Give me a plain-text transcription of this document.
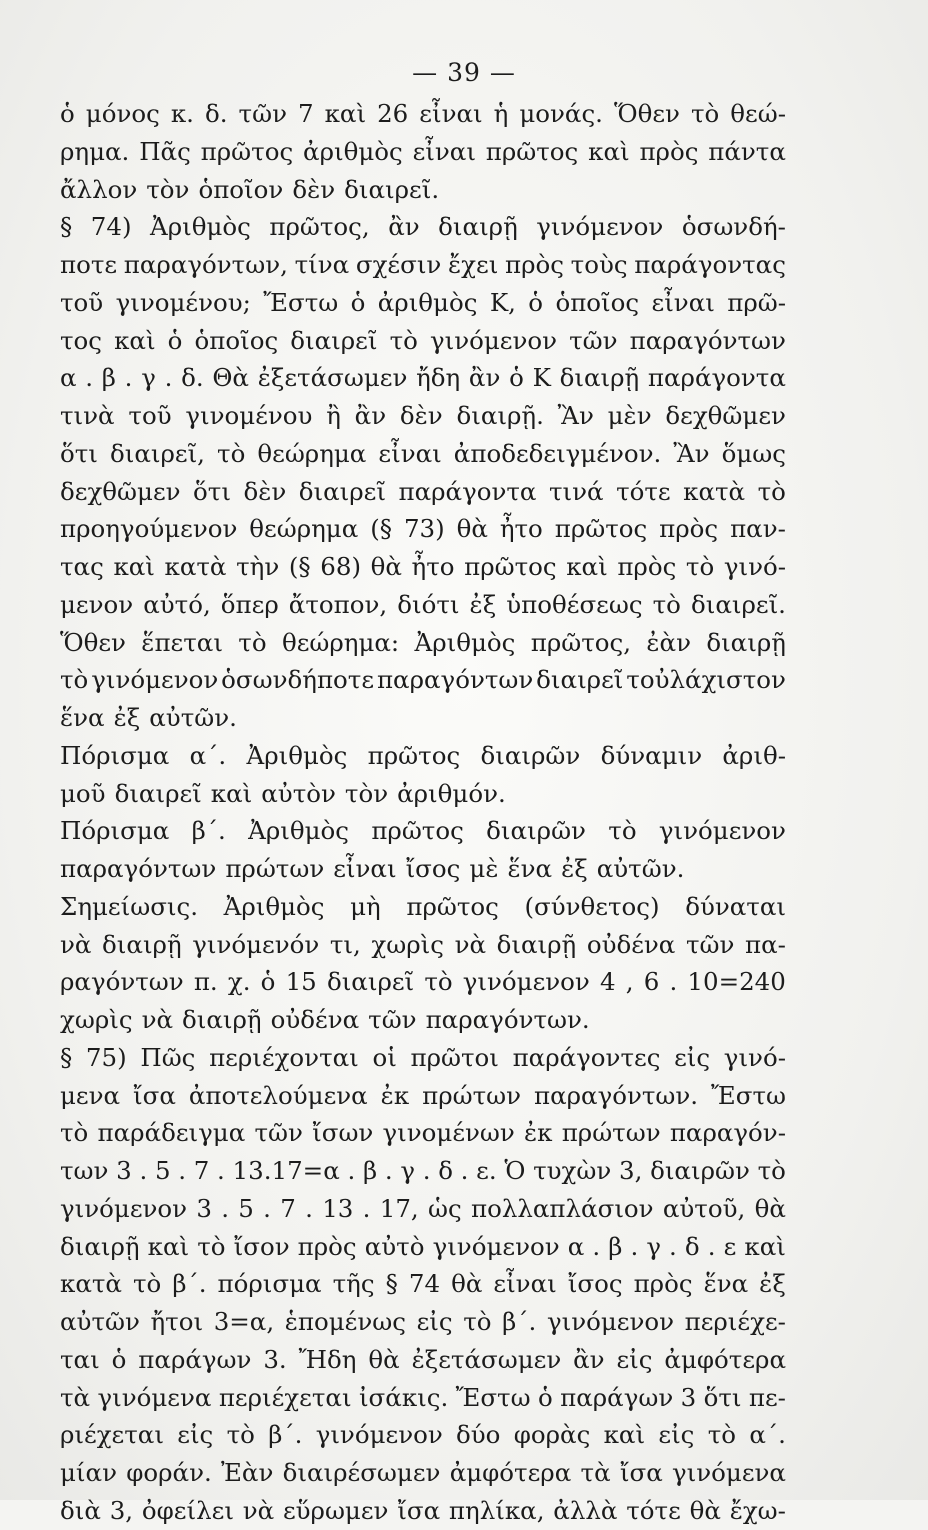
— 39 —
ὁ μόνος κ. δ. τῶν 7 καὶ 26 εἶναι ἡ μονάς. Ὅθεν τὸ θεώ-
ρημα. Πᾶς πρῶτος ἀριθμὸς εἶναι πρῶτος καὶ πρὸς πάντα
ἄλλον τὸν ὁποῖον δὲν διαιρεῖ.
§ 74) Ἀριθμὸς πρῶτος, ἂν διαιρῇ γινόμενον ὁσωνδή-
ποτε παραγόντων, τίνα σχέσιν ἔχει πρὸς τοὺς παράγοντας
τοῦ γινομένου; Ἔστω ὁ ἀριθμὸς Κ, ὁ ὁποῖος εἶναι πρῶ-
τος καὶ ὁ ὁποῖος διαιρεῖ τὸ γινόμενον τῶν παραγόντων
α . β . γ . δ. Θὰ ἐξετάσωμεν ἤδη ἂν ὁ Κ διαιρῇ παράγοντα
τινὰ τοῦ γινομένου ἢ ἂν δὲν διαιρῇ. Ἂν μὲν δεχθῶμεν
ὅτι διαιρεῖ, τὸ θεώρημα εἶναι ἀποδεδειγμένον. Ἂν ὅμως
δεχθῶμεν ὅτι δὲν διαιρεῖ παράγοντα τινά τότε κατὰ τὸ
προηγούμενον θεώρημα (§ 73) θὰ ἦτο πρῶτος πρὸς παν-
τας καὶ κατὰ τὴν (§ 68) θὰ ἦτο πρῶτος καὶ πρὸς τὸ γινό-
μενον αὐτό, ὅπερ ἄτοπον, διότι ἐξ ὑποθέσεως τὸ διαιρεῖ.
Ὅθεν ἕπεται τὸ θεώρημα: Ἀριθμὸς πρῶτος, ἐὰν διαιρῇ
τὸ γινόμενον ὁσωνδήποτε παραγόντων διαιρεῖ τοὐλάχιστον
ἕνα ἐξ αὐτῶν.
Πόρισμα α΄. Ἀριθμὸς πρῶτος διαιρῶν δύναμιν ἀριθ-
μοῦ διαιρεῖ καὶ αὐτὸν τὸν ἀριθμόν.
Πόρισμα β΄. Ἀριθμὸς πρῶτος διαιρῶν τὸ γινόμενον
παραγόντων πρώτων εἶναι ἴσος μὲ ἕνα ἐξ αὐτῶν.
Σημείωσις. Ἀριθμὸς μὴ πρῶτος (σύνθετος) δύναται
νὰ διαιρῇ γινόμενόν τι, χωρὶς νὰ διαιρῇ οὐδένα τῶν πα-
ραγόντων π. χ. ὁ 15 διαιρεῖ τὸ γινόμενον 4 , 6 . 10=240
χωρὶς νὰ διαιρῇ οὐδένα τῶν παραγόντων.
§ 75) Πῶς περιέχονται οἱ πρῶτοι παράγοντες εἰς γινό-
μενα ἴσα ἀποτελούμενα ἐκ πρώτων παραγόντων. Ἔστω
τὸ παράδειγμα τῶν ἴσων γινομένων ἐκ πρώτων παραγόν-
των 3 . 5 . 7 . 13.17=α . β . γ . δ . ε. Ὁ τυχὼν 3, διαιρῶν τὸ
γινόμενον 3 . 5 . 7 . 13 . 17, ὡς πολλαπλάσιον αὐτοῦ, θὰ
διαιρῇ καὶ τὸ ἴσον πρὸς αὐτὸ γινόμενον α . β . γ . δ . ε καὶ
κατὰ τὸ β΄. πόρισμα τῆς § 74 θὰ εἶναι ἴσος πρὸς ἕνα ἐξ
αὐτῶν ἤτοι 3=α, ἑπομένως εἰς τὸ β΄. γινόμενον περιέχε-
ται ὁ παράγων 3. Ἤδη θὰ ἐξετάσωμεν ἂν εἰς ἀμφότερα
τὰ γινόμενα περιέχεται ἰσάκις. Ἔστω ὁ παράγων 3 ὅτι πε-
ριέχεται εἰς τὸ β΄. γινόμενον δύο φορὰς καὶ εἰς τὸ α΄.
μίαν φοράν. Ἐὰν διαιρέσωμεν ἀμφότερα τὰ ἴσα γινόμενα
διὰ 3, ὀφείλει νὰ εὕρωμεν ἴσα πηλίκα, ἀλλὰ τότε θὰ ἔχω-
